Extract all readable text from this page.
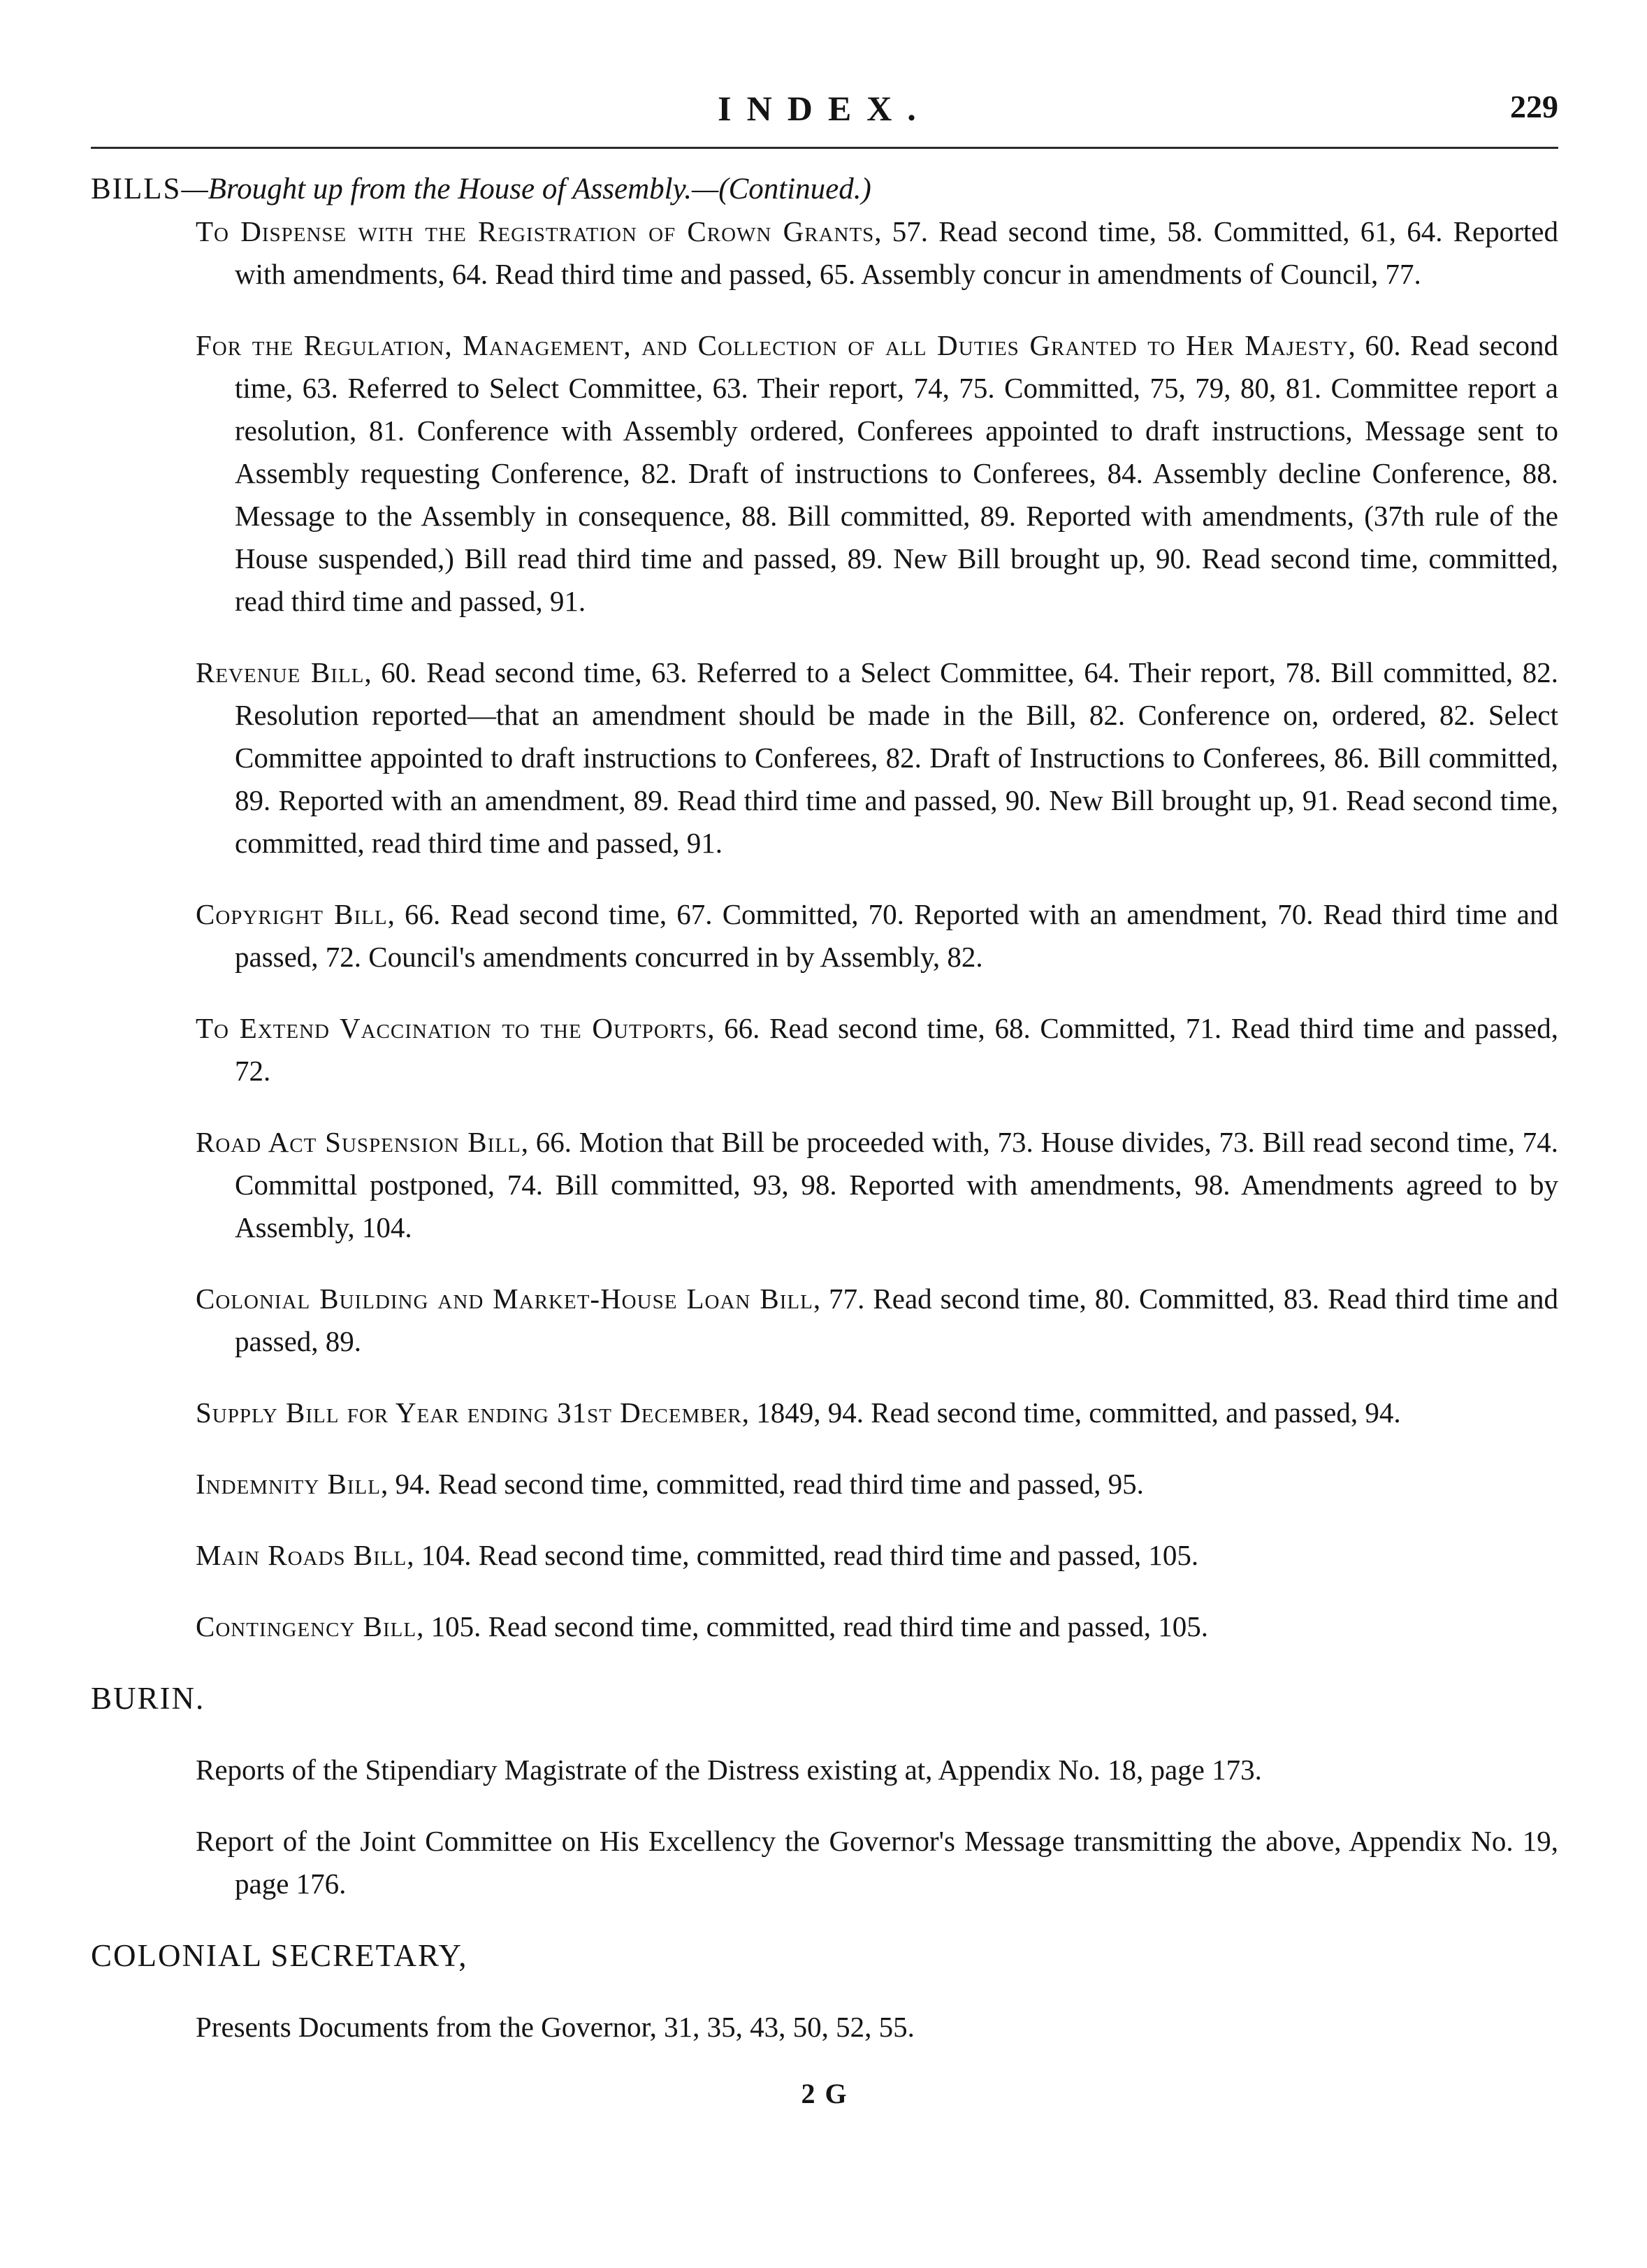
INDEX.	229

BILLS—Brought up from the House of Assembly.—(Continued.)

To Dispense with the Registration of Crown Grants, 57. Read second time, 58. Committed, 61, 64. Reported with amendments, 64. Read third time and passed, 65. Assembly concur in amendments of Council, 77.

For the Regulation, Management, and Collection of all Duties Granted to Her Majesty, 60. Read second time, 63. Referred to Select Committee, 63. Their report, 74, 75. Committed, 75, 79, 80, 81. Committee report a resolution, 81. Conference with Assembly ordered, Conferees appointed to draft instructions, Message sent to Assembly requesting Conference, 82. Draft of instructions to Conferees, 84. Assembly decline Conference, 88. Message to the Assembly in consequence, 88. Bill committed, 89. Reported with amendments, (37th rule of the House suspended,) Bill read third time and passed, 89. New Bill brought up, 90. Read second time, committed, read third time and passed, 91.

Revenue Bill, 60. Read second time, 63. Referred to a Select Committee, 64. Their report, 78. Bill committed, 82. Resolution reported—that an amendment should be made in the Bill, 82. Conference on, ordered, 82. Select Committee appointed to draft instructions to Conferees, 82. Draft of Instructions to Conferees, 86. Bill committed, 89. Reported with an amendment, 89. Read third time and passed, 90. New Bill brought up, 91. Read second time, committed, read third time and passed, 91.

Copyright Bill, 66. Read second time, 67. Committed, 70. Reported with an amendment, 70. Read third time and passed, 72. Council's amendments concurred in by Assembly, 82.

To Extend Vaccination to the Outports, 66. Read second time, 68. Committed, 71. Read third time and passed, 72.

Road Act Suspension Bill, 66. Motion that Bill be proceeded with, 73. House divides, 73. Bill read second time, 74. Committal postponed, 74. Bill committed, 93, 98. Reported with amendments, 98. Amendments agreed to by Assembly, 104.

Colonial Building and Market-House Loan Bill, 77. Read second time, 80. Committed, 83. Read third time and passed, 89.

Supply Bill for Year ending 31st December, 1849, 94. Read second time, committed, and passed, 94.

Indemnity Bill, 94. Read second time, committed, read third time and passed, 95.

Main Roads Bill, 104. Read second time, committed, read third time and passed, 105.

Contingency Bill, 105. Read second time, committed, read third time and passed, 105.

BURIN.

Reports of the Stipendiary Magistrate of the Distress existing at, Appendix No. 18, page 173.

Report of the Joint Committee on His Excellency the Governor's Message transmitting the above, Appendix No. 19, page 176.

COLONIAL SECRETARY,

Presents Documents from the Governor, 31, 35, 43, 50, 52, 55.

2 G
